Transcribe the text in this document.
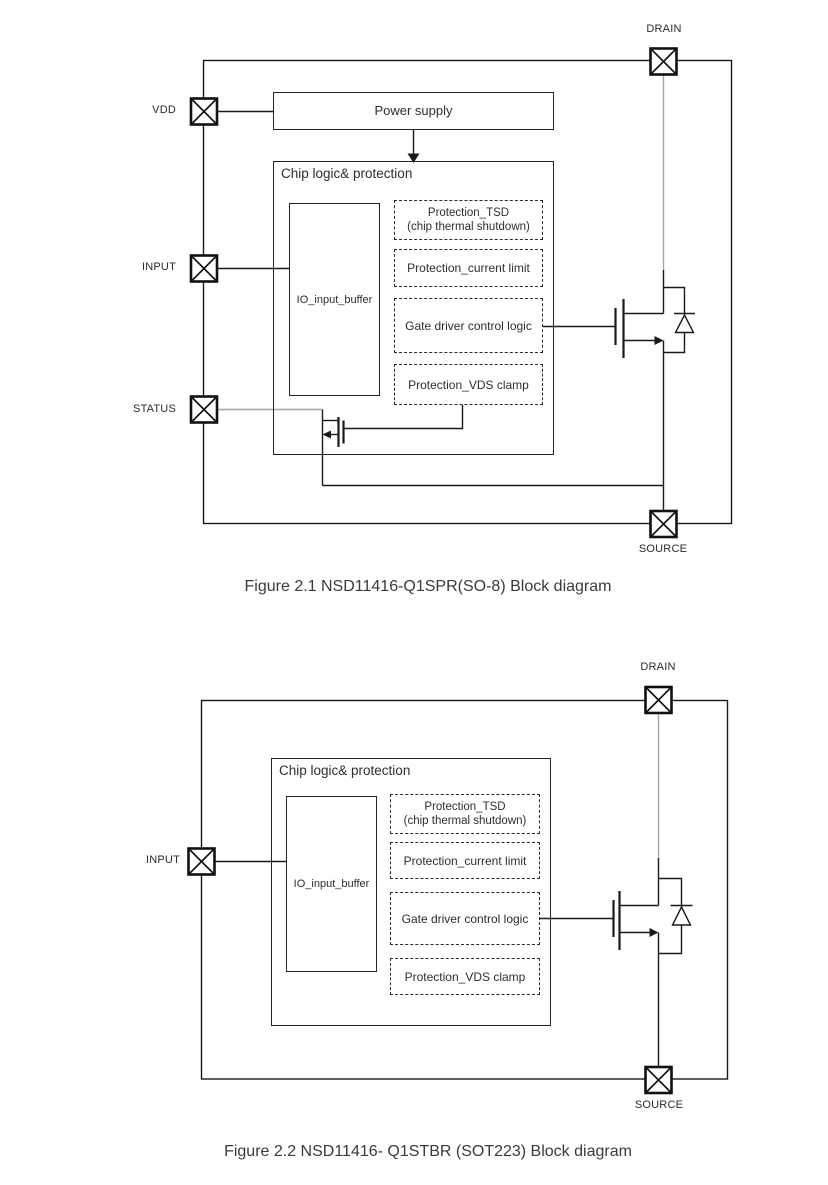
DRAIN
VDD
INPUT
STATUS
SOURCE
Power supply
Chip logic& protection
IO_input_buffer
Protection_TSD
(chip thermal shutdown)
Protection_current limit
Gate driver control logic
Protection_VDS clamp
Figure 2.1 NSD11416-Q1SPR(SO-8) Block diagram
DRAIN
INPUT
SOURCE
Chip logic& protection
IO_input_buffer
Protection_TSD
(chip thermal shutdown)
Protection_current limit
Gate driver control logic
Protection_VDS clamp
Figure 2.2 NSD11416- Q1STBR (SOT223) Block diagram
